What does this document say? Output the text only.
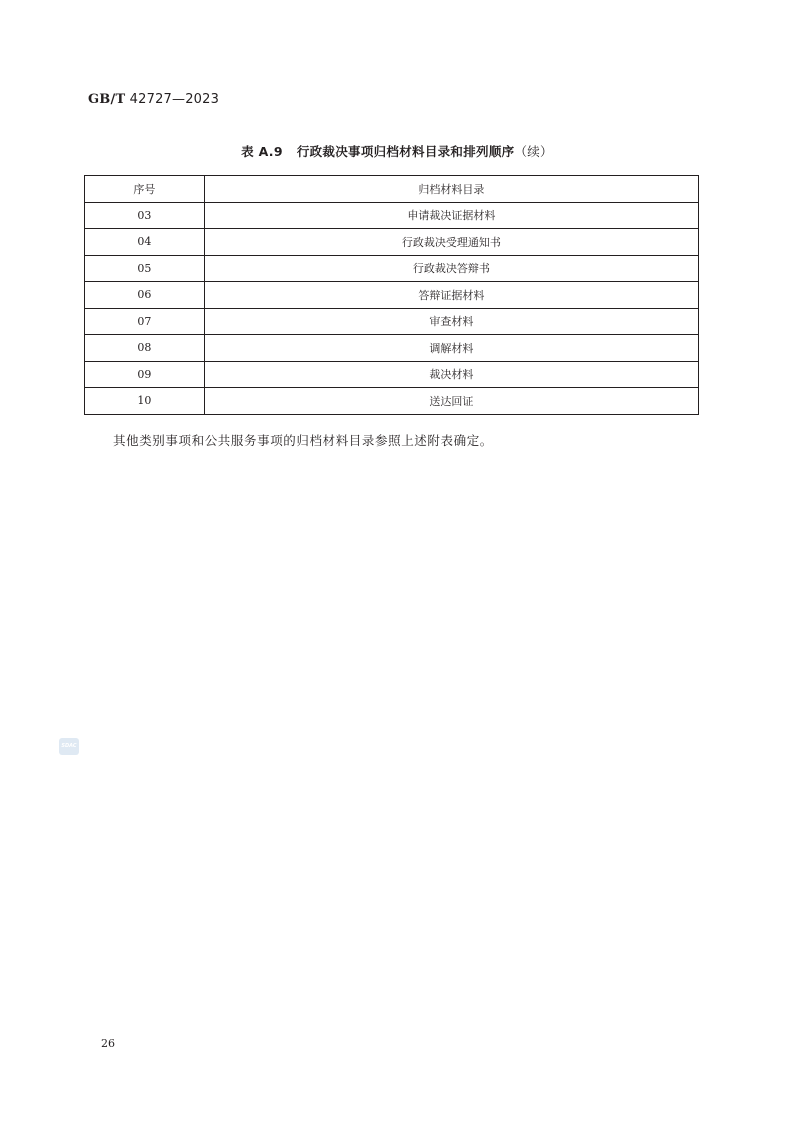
GB/T 42727—2023
表 A.9 行政裁决事项归档材料目录和排列顺序（续）
序号	归档材料目录
03	申请裁决证据材料
04	行政裁决受理通知书
05	行政裁决答辩书
06	答辩证据材料
07	审查材料
08	调解材料
09	裁决材料
10	送达回证
其他类别事项和公共服务事项的归档材料目录参照上述附表确定。
SDAC
26
